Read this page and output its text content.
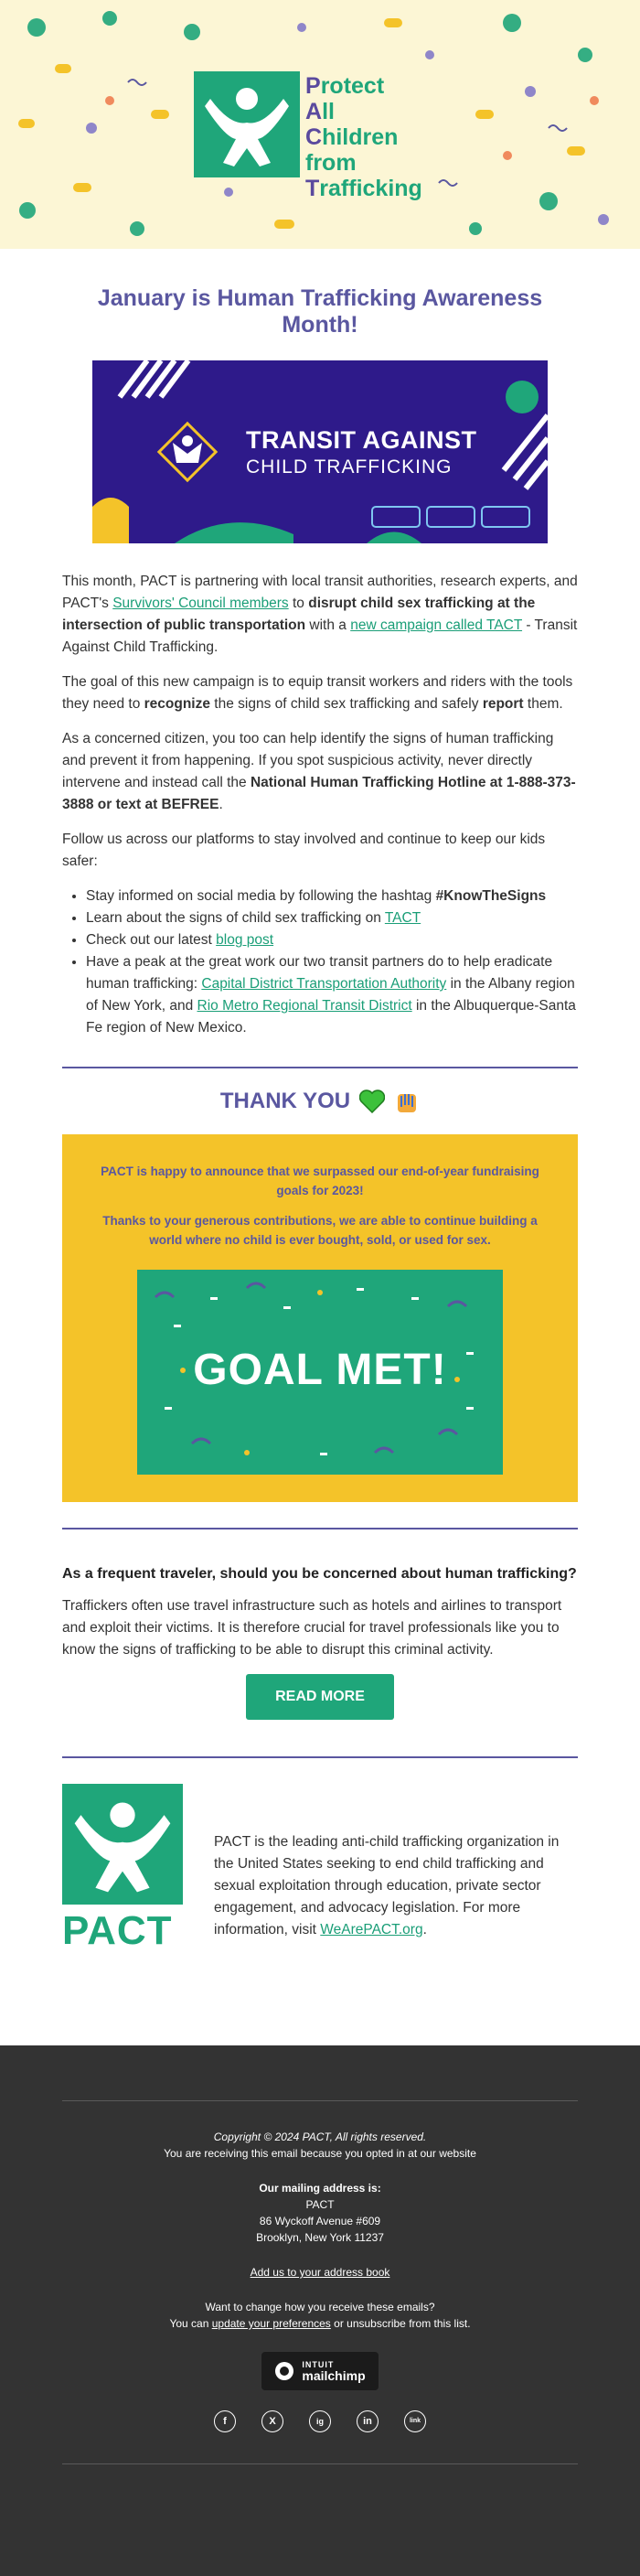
Protect
All
Children from
Trafficking
January is Human Trafficking Awareness Month!
TRANSIT AGAINST
CHILD TRAFFICKING

This month, PACT is partnering with local transit authorities, research experts, and PACT's Survivors' Council members to disrupt child sex trafficking at the intersection of public transportation with a new campaign called TACT - Transit Against Child Trafficking.

The goal of this new campaign is to equip transit workers and riders with the tools they need to recognize the signs of child sex trafficking and safely report them.

As a concerned citizen, you too can help identify the signs of human trafficking and prevent it from happening. If you spot suspicious activity, never directly intervene and instead call the National Human Trafficking Hotline at 1-888-373-3888 or text at BEFREE.

Follow us across our platforms to stay involved and continue to keep our kids safer:

• Stay informed on social media by following the hashtag #KnowTheSigns
• Learn about the signs of child sex trafficking on TACT
• Check out our latest blog post
• Have a peak at the great work our two transit partners do to help eradicate human trafficking: Capital District Transportation Authority in the Albany region of New York, and Rio Metro Regional Transit District in the Albuquerque-Santa Fe region of New Mexico.
THANK YOU

PACT is happy to announce that we surpassed our end-of-year fundraising goals for 2023!

Thanks to your generous contributions, we are able to continue building a world where no child is ever bought, sold, or used for sex.

GOAL MET!
As a frequent traveler, should you be concerned about human trafficking?

Traffickers often use travel infrastructure such as hotels and airlines to transport and exploit their victims. It is therefore crucial for travel professionals like you to know the signs of trafficking to be able to disrupt this criminal activity.

READ MORE
PACT
PACT is the leading anti-child trafficking organization in the United States seeking to end child trafficking and sexual exploitation through education, private sector engagement, and advocacy legislation. For more information, visit WeArePACT.org.

Copyright © 2024 PACT, All rights reserved.
You are receiving this email because you opted in at our website

Our mailing address is:
PACT
86 Wyckoff Avenue #609
Brooklyn, New York 11237

Add us to your address book

Want to change how you receive these emails?
You can update your preferences or unsubscribe from this list.

INTUIT
mailchimp
f	X	ig	in	link
